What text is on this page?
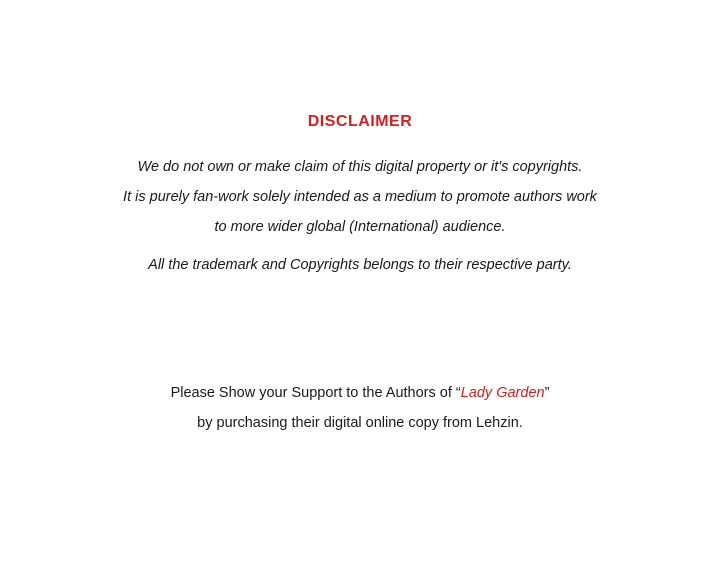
DISCLAIMER
We do not own or make claim of this digital property or it's copyrights.
It is purely fan-work solely intended as a medium to promote authors work
to more wider global (International) audience.
All the trademark and Copyrights belongs to their respective party.
Please Show your Support to the Authors of “Lady Garden”
by purchasing their digital online copy from Lehzin.
